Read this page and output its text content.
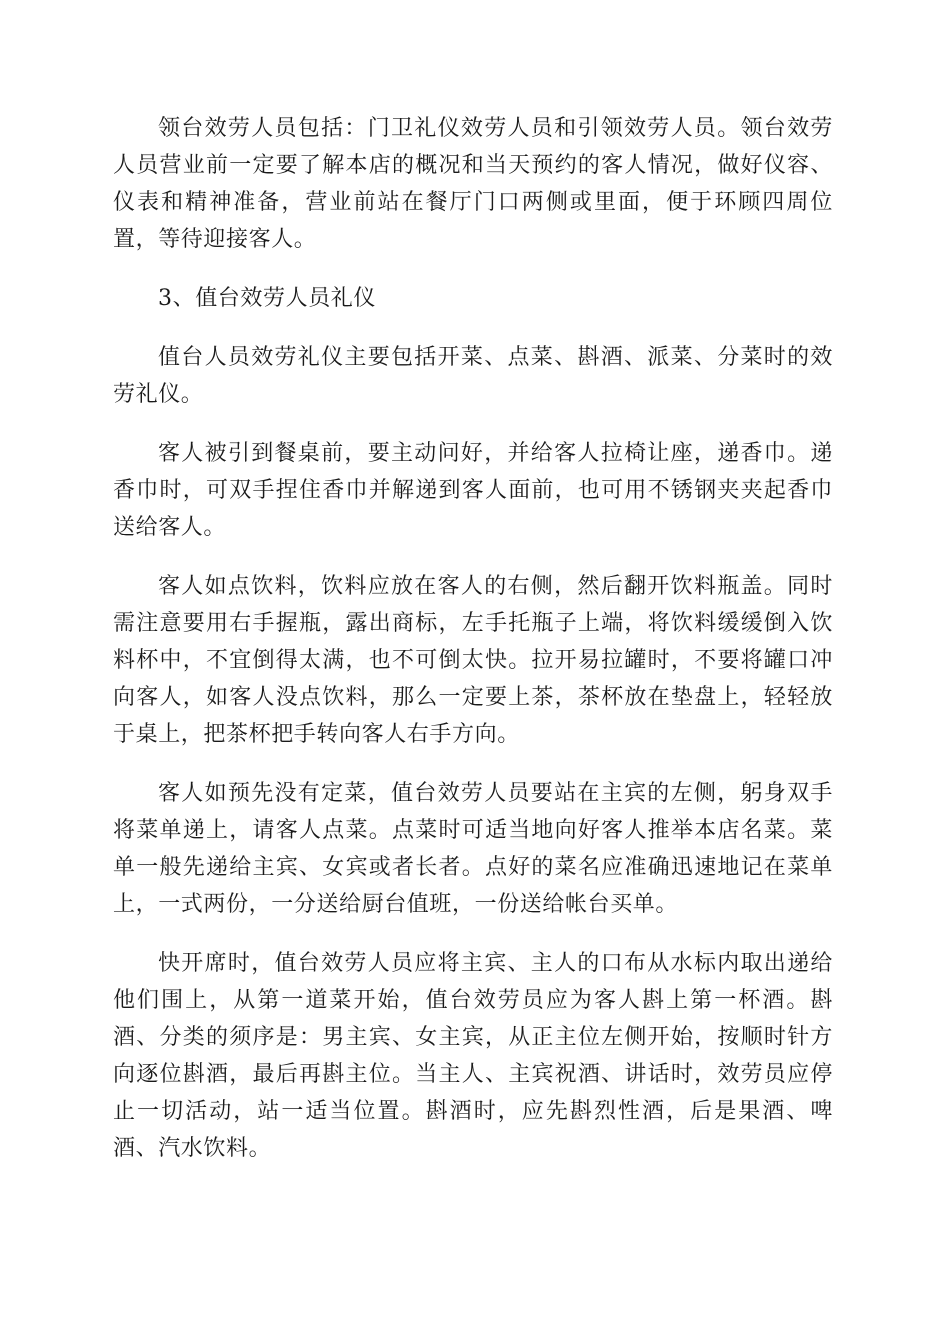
领台效劳人员包括：门卫礼仪效劳人员和引领效劳人员。领台效劳人员营业前一定要了解本店的概况和当天预约的客人情况，做好仪容、仪表和精神准备，营业前站在餐厅门口两侧或里面，便于环顾四周位置，等待迎接客人。

3、值台效劳人员礼仪

值台人员效劳礼仪主要包括开菜、点菜、斟酒、派菜、分菜时的效劳礼仪。

客人被引到餐桌前，要主动问好，并给客人拉椅让座，递香巾。递香巾时，可双手捏住香巾并解递到客人面前，也可用不锈钢夹夹起香巾送给客人。

客人如点饮料，饮料应放在客人的右侧，然后翻开饮料瓶盖。同时需注意要用右手握瓶，露出商标，左手托瓶子上端，将饮料缓缓倒入饮料杯中，不宜倒得太满，也不可倒太快。拉开易拉罐时，不要将罐口冲向客人，如客人没点饮料，那么一定要上茶，茶杯放在垫盘上，轻轻放于桌上，把茶杯把手转向客人右手方向。

客人如预先没有定菜，值台效劳人员要站在主宾的左侧，躬身双手将菜单递上，请客人点菜。点菜时可适当地向好客人推举本店名菜。菜单一般先递给主宾、女宾或者长者。点好的菜名应准确迅速地记在菜单上，一式两份，一分送给厨台值班，一份送给帐台买单。

快开席时，值台效劳人员应将主宾、主人的口布从水标内取出递给他们围上，从第一道菜开始，值台效劳员应为客人斟上第一杯酒。斟酒、分类的须序是：男主宾、女主宾，从正主位左侧开始，按顺时针方向逐位斟酒，最后再斟主位。当主人、主宾祝酒、讲话时，效劳员应停止一切活动，站一适当位置。斟酒时，应先斟烈性酒，后是果酒、啤酒、汽水饮料。
